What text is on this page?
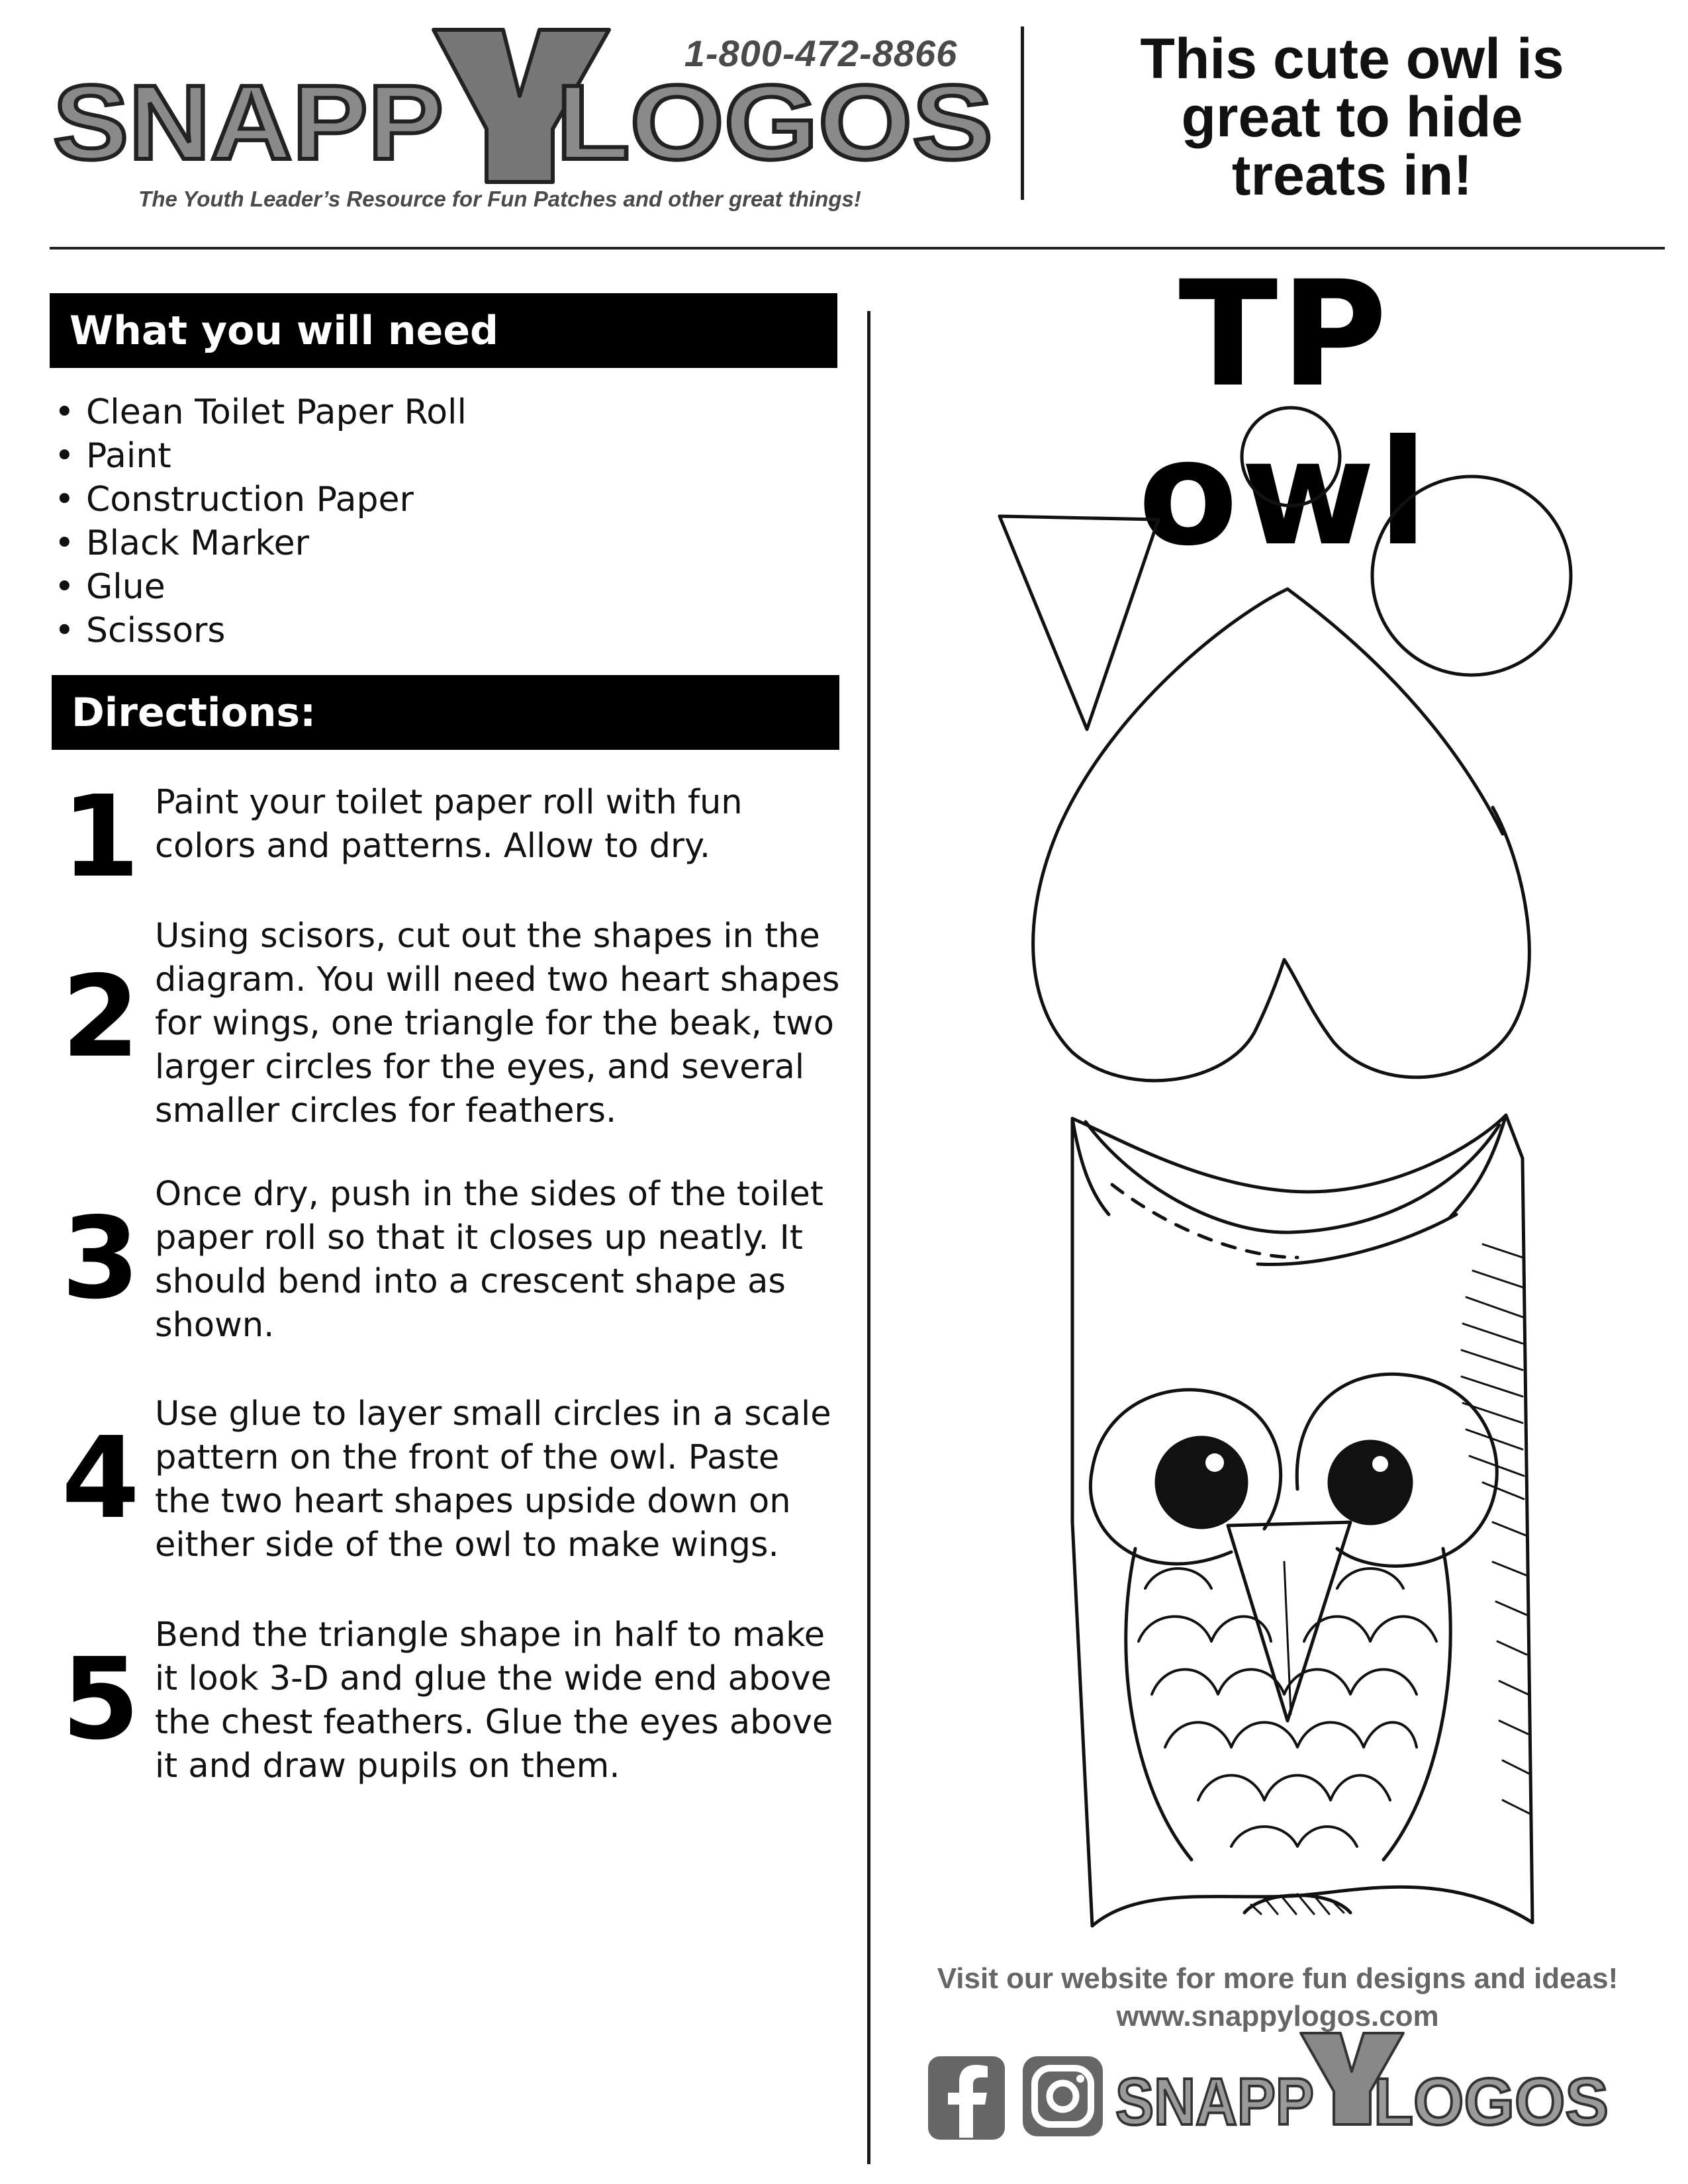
SNAPP LOGOS
1-800-472-8866
The Youth Leader’s Resource for Fun Patches and other great things!
This cute owl is
great to hide
treats in!
What you will need
• Clean Toilet Paper Roll
• Paint
• Construction Paper
• Black Marker
• Glue
• Scissors
Directions:
1 Paint your toilet paper roll with fun colors and patterns. Allow to dry.
2
Using scisors, cut out the shapes in the diagram. You will need two heart shapes for wings, one triangle for the beak, two larger circles for the eyes, and several smaller circles for feathers.
3 Once dry, push in the sides of the toilet paper roll so that it closes up neatly. It should bend into a crescent shape as shown.
4 Use glue to layer small circles in a scale pattern on the front of the owl. Paste the two heart shapes upside down on either side of the owl to make wings.
5 Bend the triangle shape in half to make it look 3-D and glue the wide end above the chest feathers. Glue the eyes above it and draw pupils on them.
TP owl
Visit our website for more fun designs and ideas!
www.snappylogos.com
SNAPP LOGOS
